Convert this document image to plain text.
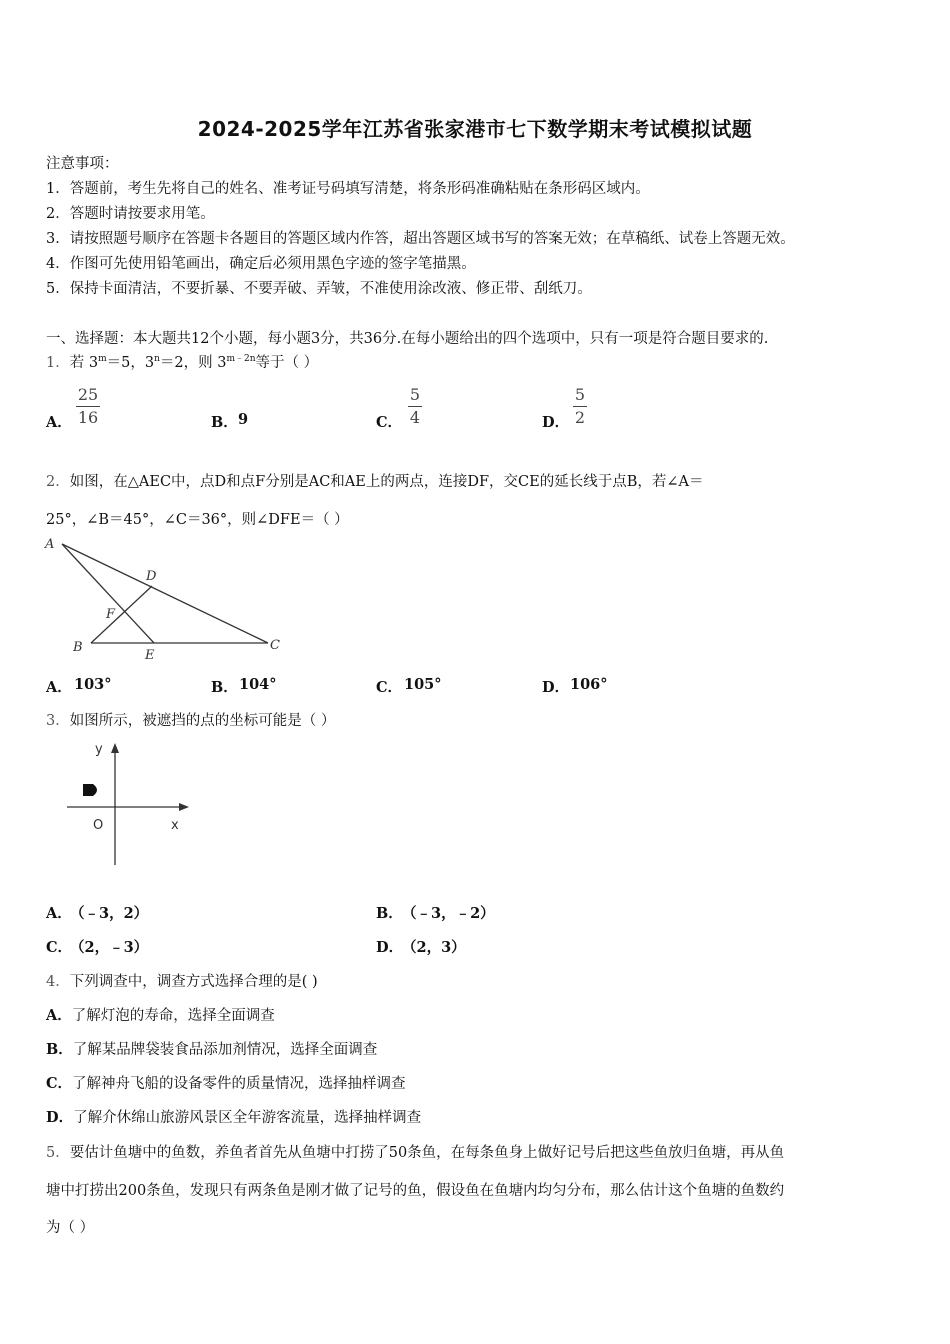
2024-2025学年江苏省张家港市七下数学期末考试模拟试题
注意事项：
1．答题前，考生先将自己的姓名、准考证号码填写清楚，将条形码准确粘贴在条形码区域内。
2．答题时请按要求用笔。
3．请按照题号顺序在答题卡各题目的答题区域内作答，超出答题区域书写的答案无效；在草稿纸、试卷上答题无效。
4．作图可先使用铅笔画出，确定后必须用黑色字迹的签字笔描黑。
5．保持卡面清洁，不要折暴、不要弄破、弄皱，不准使用涂改液、修正带、刮纸刀。
一、选择题：本大题共12个小题，每小题3分，共36分.在每小题给出的四个选项中，只有一项是符合题目要求的.
1．若 $3^m=5$，$3^n=2$，则 $3^{m﹣2n}$等于（ ）
A．
25
16	B． 9	C．
5
4	D．
5
2
2．如图，在△AEC中，点D和点F分别是AC和AE上的两点，连接DF，交CE的延长线于点B，若∠A＝
25°，∠B＝45°，∠C＝36°，则∠DFE＝（ ）
A
D
F
B
E
C
A． 103°	B． 104°	C． 105°	D． 106°
3．如图所示，被遮挡的点的坐标可能是（ ）
y
x
O
A．
（﹣3，2）	B． （﹣3，﹣2）
C．
（2，﹣3）	D．
（2，3）
4．下列调查中，调查方式选择合理的是( )
A．了解灯泡的寿命，选择全面调查
B．了解某品牌袋装食品添加剂情况，选择全面调查
C．了解神舟飞船的设备零件的质量情况，选择抽样调查
D．了解介休绵山旅游风景区全年游客流量，选择抽样调查
5．要估计鱼塘中的鱼数，养鱼者首先从鱼塘中打捞了50条鱼，在每条鱼身上做好记号后把这些鱼放归鱼塘，再从鱼
塘中打捞出200条鱼，发现只有两条鱼是刚才做了记号的鱼，假设鱼在鱼塘内均匀分布，那么估计这个鱼塘的鱼数约
为（ ）
